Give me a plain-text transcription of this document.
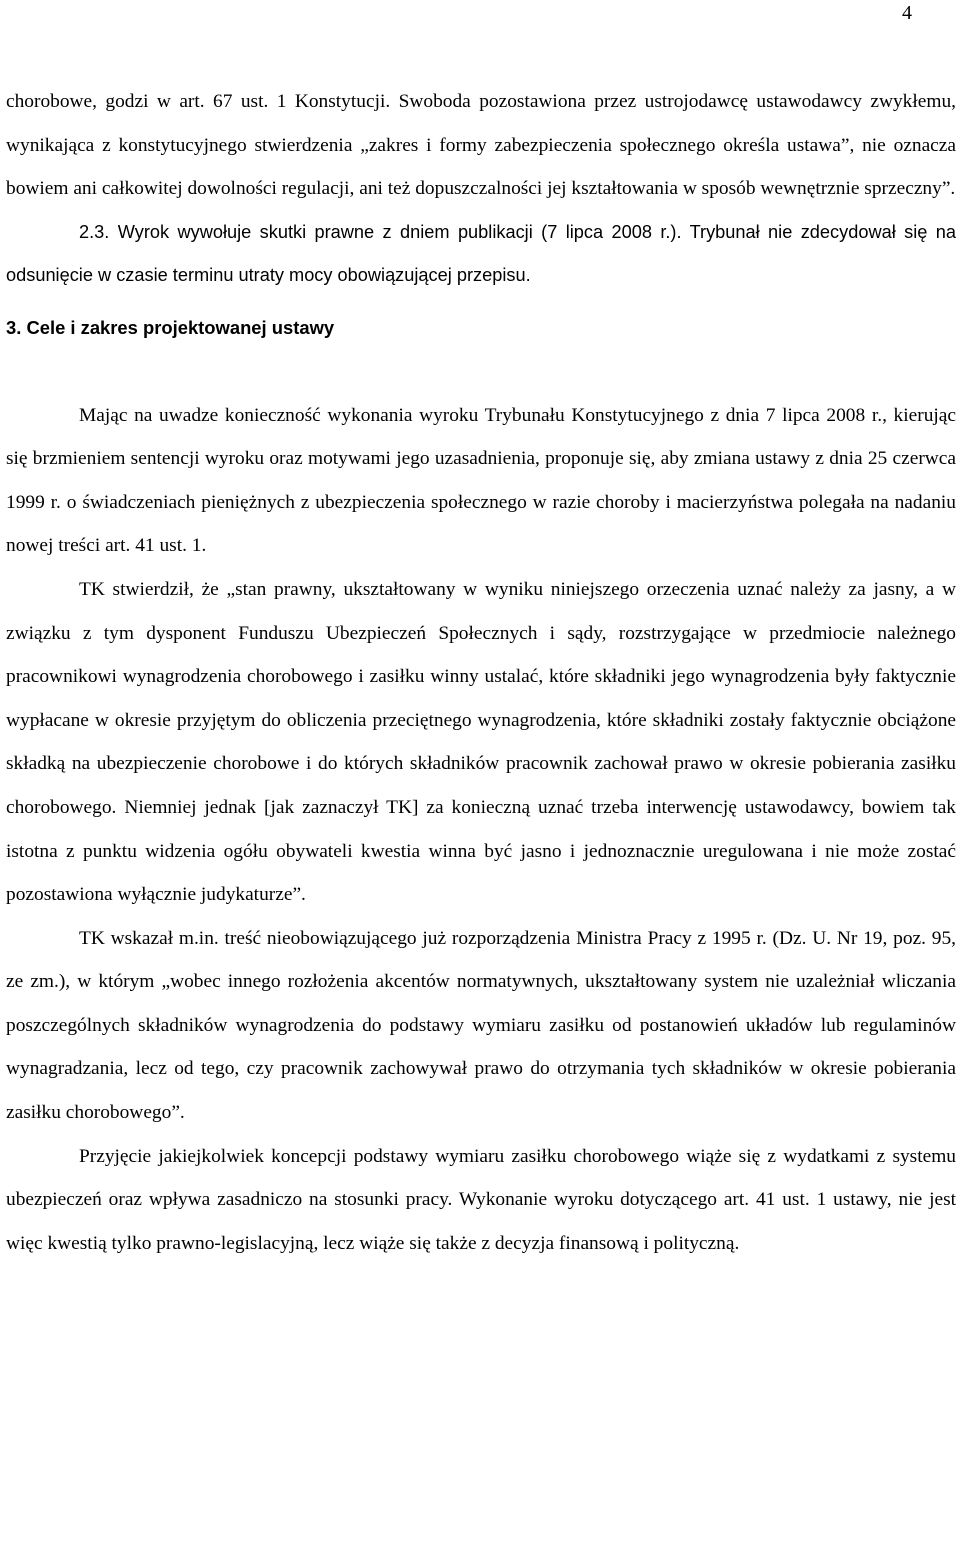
4

chorobowe, godzi w art. 67 ust. 1 Konstytucji. Swoboda pozostawiona przez ustrojodawcę ustawodawcy zwykłemu, wynikająca z konstytucyjnego stwierdzenia „zakres i formy zabezpieczenia społecznego określa ustawa”, nie oznacza bowiem ani całkowitej dowolności regulacji, ani też dopuszczalności jej kształtowania w sposób wewnętrznie sprzeczny”.

2.3. Wyrok wywołuje skutki prawne z dniem publikacji (7 lipca 2008 r.). Trybunał nie zdecydował się na odsunięcie w czasie terminu utraty mocy obowiązującej przepisu.

3. Cele i zakres projektowanej ustawy

Mając na uwadze konieczność wykonania wyroku Trybunału Konstytucyjnego z dnia 7 lipca 2008 r., kierując się brzmieniem sentencji wyroku oraz motywami jego uzasadnienia, proponuje się, aby zmiana ustawy z dnia 25 czerwca 1999 r. o świadczeniach pieniężnych z ubezpieczenia społecznego w razie choroby i macierzyństwa polegała na nadaniu nowej treści art. 41 ust. 1.

TK stwierdził, że „stan prawny, ukształtowany w wyniku niniejszego orzeczenia uznać należy za jasny, a w związku z tym dysponent Funduszu Ubezpieczeń Społecznych i sądy, rozstrzygające w przedmiocie należnego pracownikowi wynagrodzenia chorobowego i zasiłku winny ustalać, które składniki jego wynagrodzenia były faktycznie wypłacane w okresie przyjętym do obliczenia przeciętnego wynagrodzenia, które składniki zostały faktycznie obciążone składką na ubezpieczenie chorobowe i do których składników pracownik zachował prawo w okresie pobierania zasiłku chorobowego. Niemniej jednak [jak zaznaczył TK] za konieczną uznać trzeba interwencję ustawodawcy, bowiem tak istotna z punktu widzenia ogółu obywateli kwestia winna być jasno i jednoznacznie uregulowana i nie może zostać pozostawiona wyłącznie judykaturze”.

TK wskazał m.in. treść nieobowiązującego już rozporządzenia Ministra Pracy z 1995 r. (Dz. U. Nr 19, poz. 95, ze zm.), w którym „wobec innego rozłożenia akcentów normatywnych, ukształtowany system nie uzależniał wliczania poszczególnych składników wynagrodzenia do podstawy wymiaru zasiłku od postanowień układów lub regulaminów wynagradzania, lecz od tego, czy pracownik zachowywał prawo do otrzymania tych składników w okresie pobierania zasiłku chorobowego”.

Przyjęcie jakiejkolwiek koncepcji podstawy wymiaru zasiłku chorobowego wiąże się z wydatkami z systemu ubezpieczeń oraz wpływa zasadniczo na stosunki pracy. Wykonanie wyroku dotyczącego art. 41 ust. 1 ustawy, nie jest więc kwestią tylko prawno-legislacyjną, lecz wiąże się także z decyzja finansową i polityczną.
